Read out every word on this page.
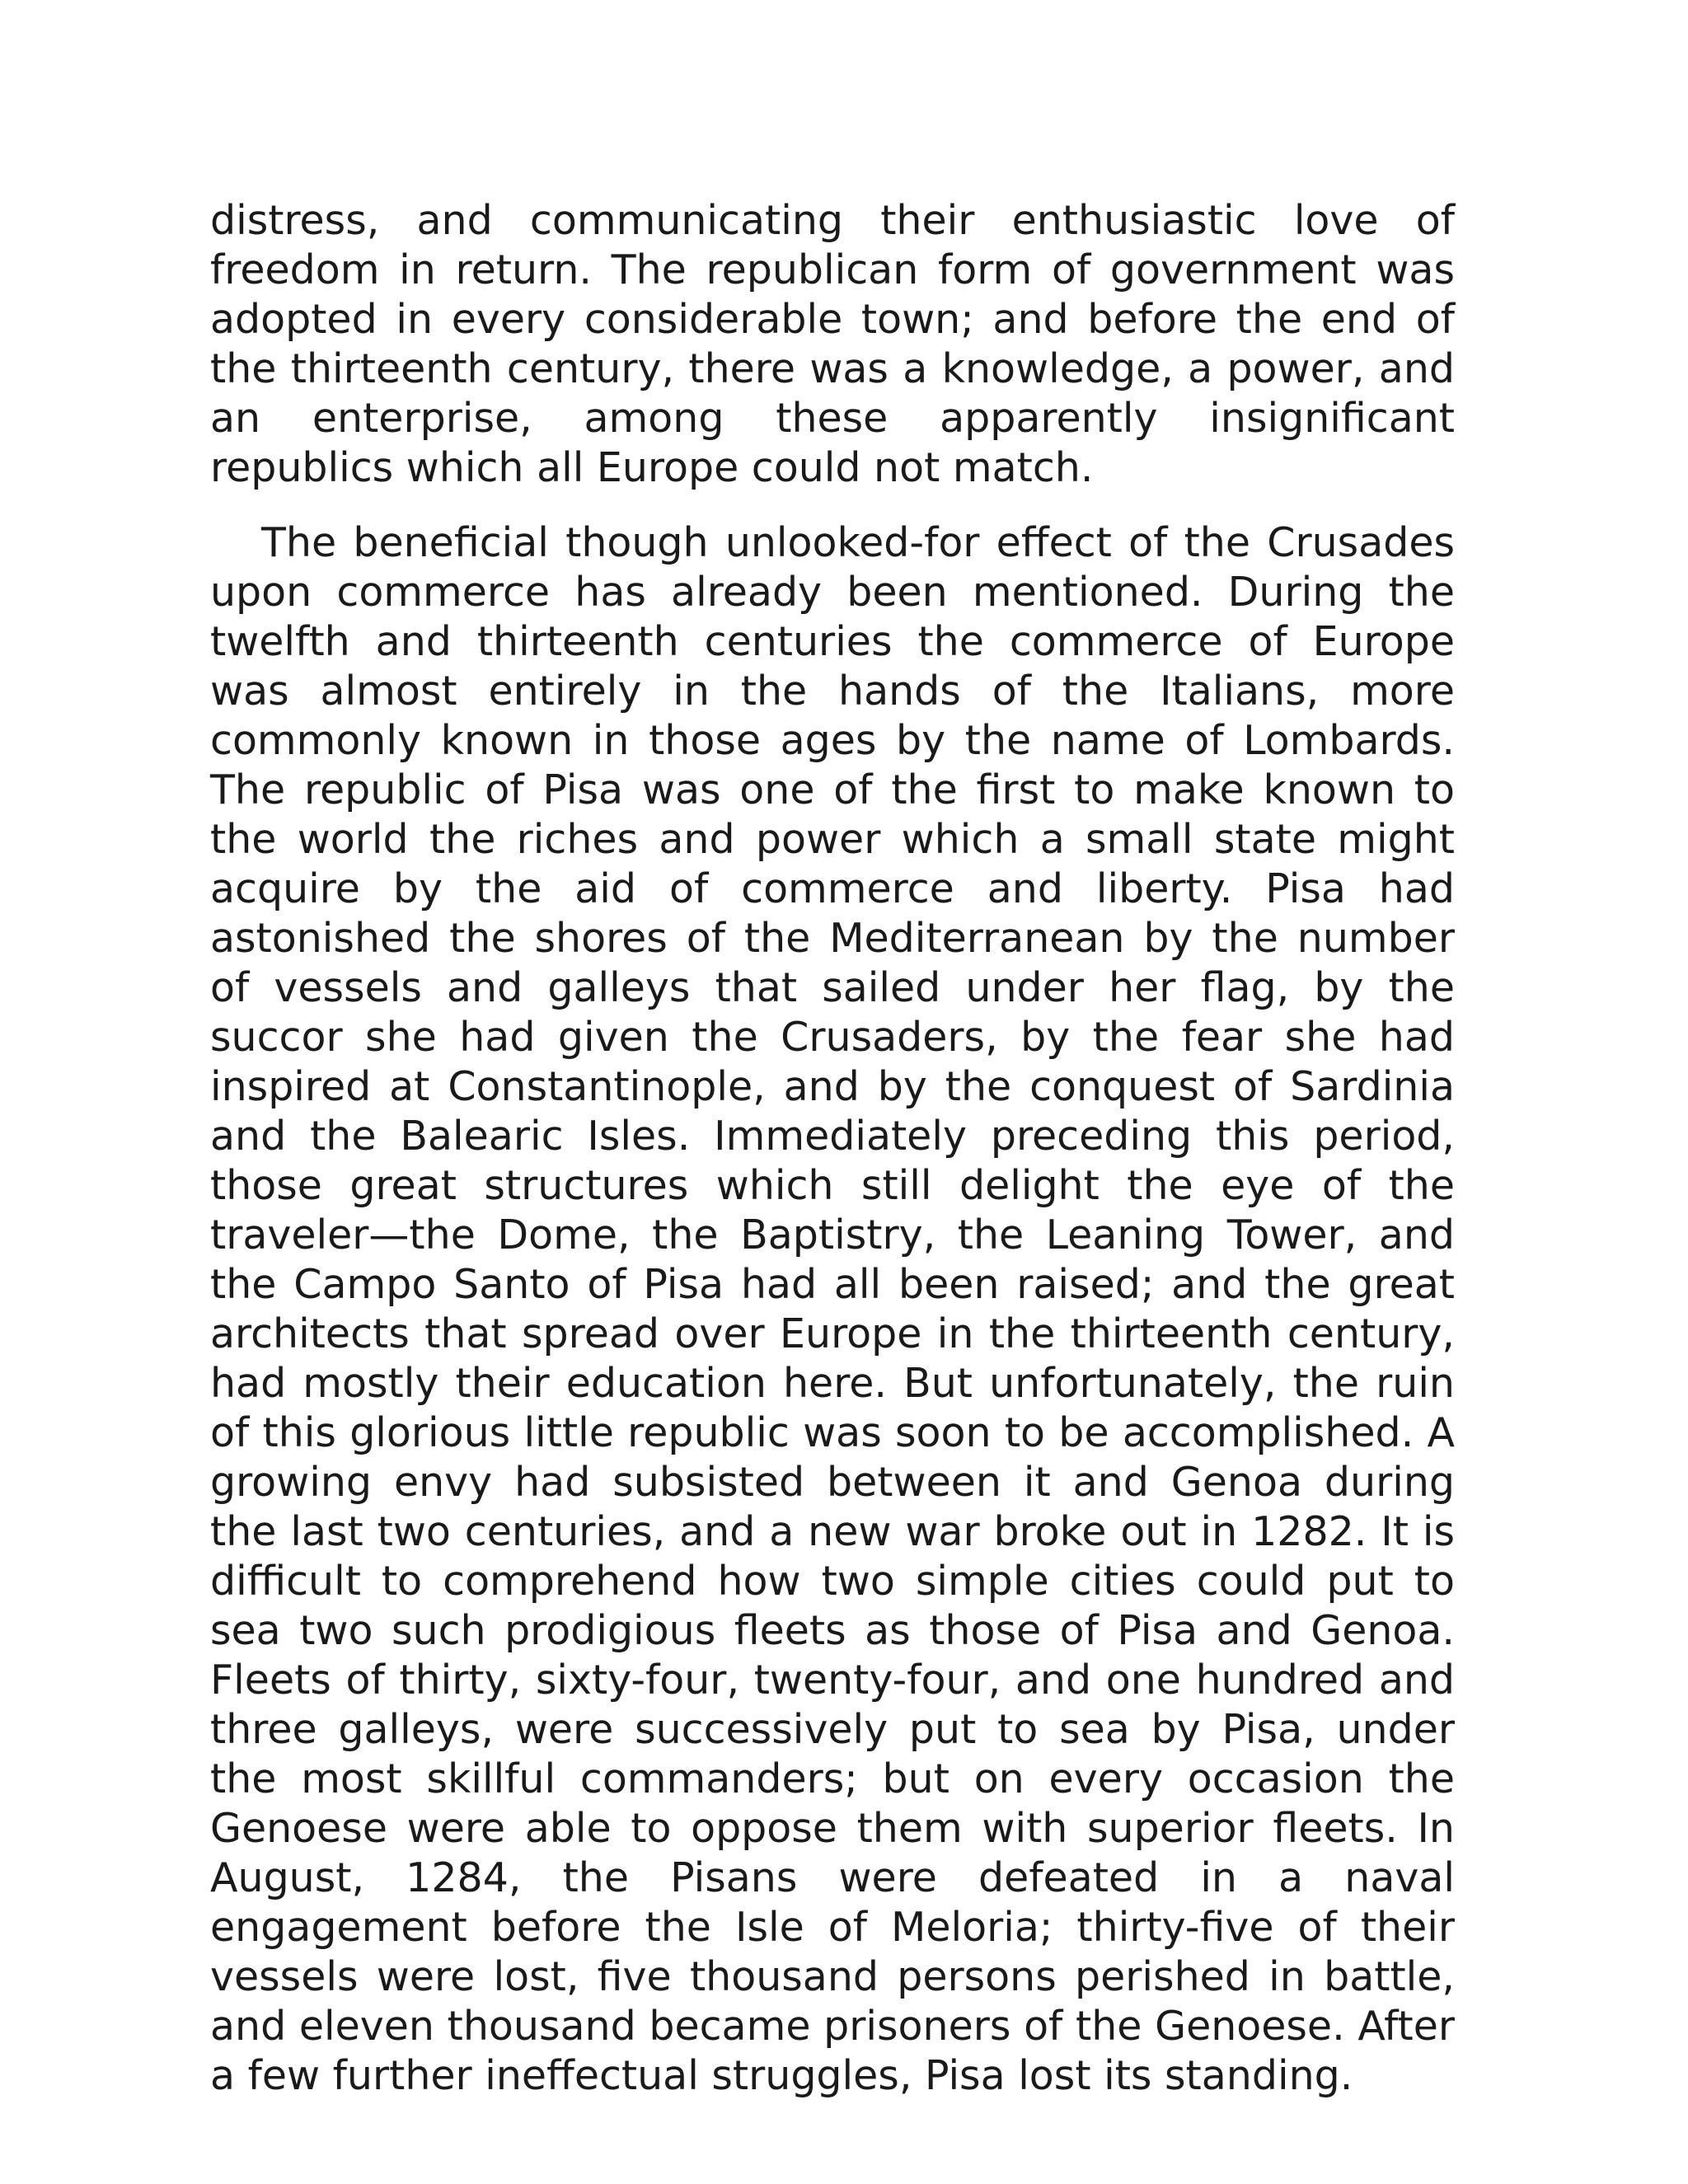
distress, and communicating their enthusiastic love of freedom in return. The republican form of government was adopted in every considerable town; and before the end of the thirteenth century, there was a knowledge, a power, and an enterprise, among these apparently insignificant republics which all Europe could not match.

The beneficial though unlooked-for effect of the Crusades upon commerce has already been mentioned. During the twelfth and thirteenth centuries the commerce of Europe was almost entirely in the hands of the Italians, more commonly known in those ages by the name of Lombards. The republic of Pisa was one of the first to make known to the world the riches and power which a small state might acquire by the aid of commerce and liberty. Pisa had astonished the shores of the Mediterranean by the number of vessels and galleys that sailed under her flag, by the succor she had given the Crusaders, by the fear she had inspired at Constantinople, and by the conquest of Sardinia and the Balearic Isles. Immediately preceding this period, those great structures which still delight the eye of the traveler—the Dome, the Baptistry, the Leaning Tower, and the Campo Santo of Pisa had all been raised; and the great architects that spread over Europe in the thirteenth century, had mostly their education here. But unfortunately, the ruin of this glorious little republic was soon to be accomplished. A growing envy had subsisted between it and Genoa during the last two centuries, and a new war broke out in 1282. It is difficult to comprehend how two simple cities could put to sea two such prodigious fleets as those of Pisa and Genoa. Fleets of thirty, sixty-four, twenty-four, and one hundred and three galleys, were successively put to sea by Pisa, under the most skillful commanders; but on every occasion the Genoese were able to oppose them with superior fleets. In August, 1284, the Pisans were defeated in a naval engagement before the Isle of Meloria; thirty-five of their vessels were lost, five thousand persons perished in battle, and eleven thousand became prisoners of the Genoese. After a few further ineffectual struggles, Pisa lost its standing.
